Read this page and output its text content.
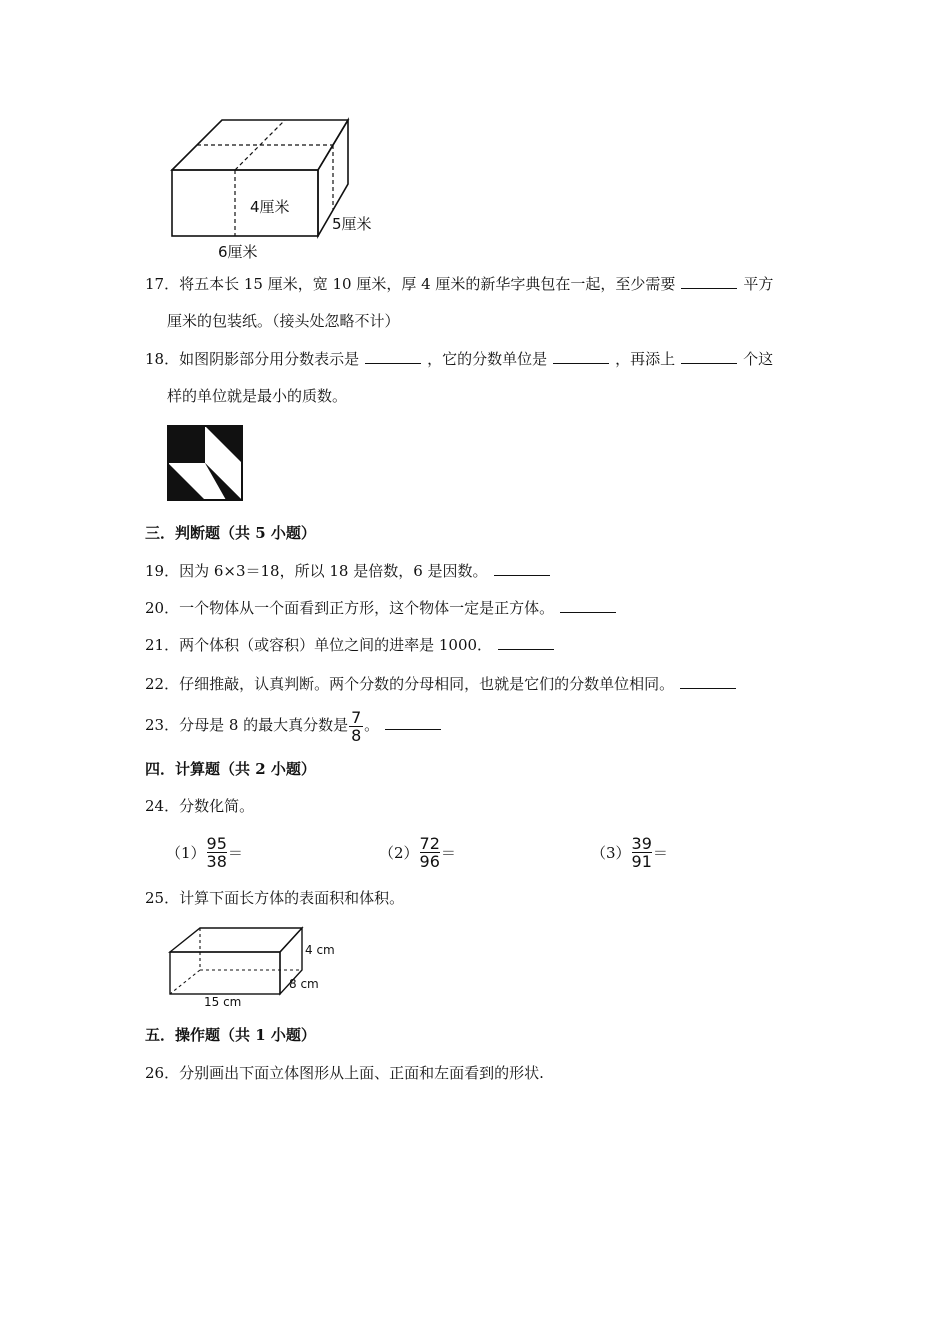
4厘米
5厘米
6厘米
17．将五本长 15 厘米，宽 10 厘米，厚 4 厘米的新华字典包在一起，至少需要	平方
厘米的包装纸。（接头处忽略不计）
18．如图阴影部分用分数表示是	，它的分数单位是	，再添上	个这
样的单位就是最小的质数。
三．判断题（共 5 小题）
19．因为 6×3＝18，所以 18 是倍数，6 是因数。
20．一个物体从一个面看到正方形，这个物体一定是正方体。
21．两个体积（或容积）单位之间的进率是 1000．
22．仔细推敲，认真判断。两个分数的分母相同，也就是它们的分数单位相同。
23．分母是 8 的最大真分数是 $\frac{7}{8}$ 。
四．计算题（共 2 小题）
24．分数化简。
$(1) \frac{95}{38}$ ＝	$(2) \frac{72}{96}$ ＝	$(3) \frac{39}{91}$ ＝
25．计算下面长方体的表面积和体积。
4 cm
8 cm
15 cm
五．操作题（共 1 小题）
26．分别画出下面立体图形从上面、正面和左面看到的形状.
